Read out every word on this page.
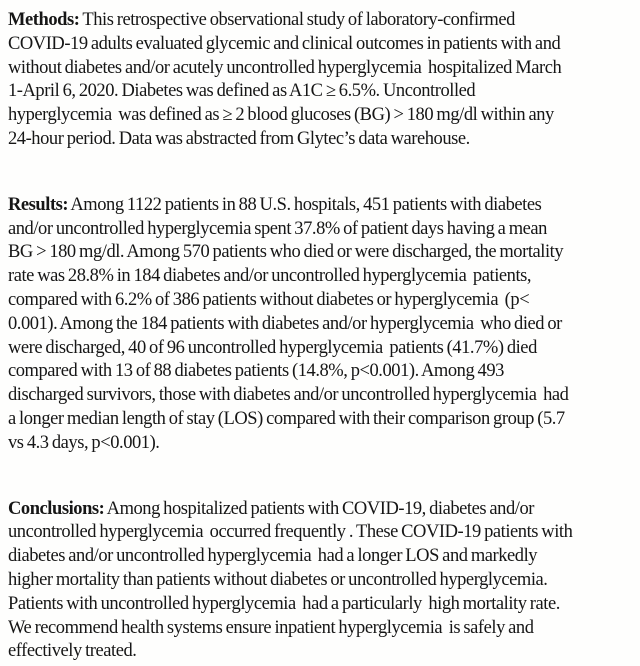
Methods: This retrospective observational study of laboratory-confirmed
COVID-19 adults evaluated glycemic and clinical outcomes in patients with and
without diabetes and/or acutely uncontrolled hyperglycemia  hospitalized March
1-April 6, 2020. Diabetes was defined as A1C ≥ 6.5%. Uncontrolled
hyperglycemia  was defined as ≥ 2 blood glucoses (BG) > 180 mg/dl within any
24-hour period. Data was abstracted from Glytec’s data warehouse.

Results: Among 1122 patients in 88 U.S. hospitals, 451 patients with diabetes
and/or uncontrolled hyperglycemia spent 37.8% of patient days having a mean
BG > 180 mg/dl. Among 570 patients who died or were discharged, the mortality
rate was 28.8% in 184 diabetes and/or uncontrolled hyperglycemia  patients,
compared with 6.2% of 386 patients without diabetes or hyperglycemia  (p<
0.001). Among the 184 patients with diabetes and/or hyperglycemia  who died or
were discharged, 40 of 96 uncontrolled hyperglycemia  patients (41.7%) died
compared with 13 of 88 diabetes patients (14.8%, p<0.001). Among 493
discharged survivors, those with diabetes and/or uncontrolled hyperglycemia  had
a longer median length of stay (LOS) compared with their comparison group (5.7
vs 4.3 days, p<0.001).

Conclusions: Among hospitalized patients with COVID-19, diabetes and/or
uncontrolled hyperglycemia  occurred frequently . These COVID-19 patients with
diabetes and/or uncontrolled hyperglycemia  had a longer LOS and markedly
higher mortality than patients without diabetes or uncontrolled hyperglycemia.
Patients with uncontrolled hyperglycemia  had a particularly  high mortality rate.
We recommend health systems ensure inpatient hyperglycemia  is safely and
effectively treated.
